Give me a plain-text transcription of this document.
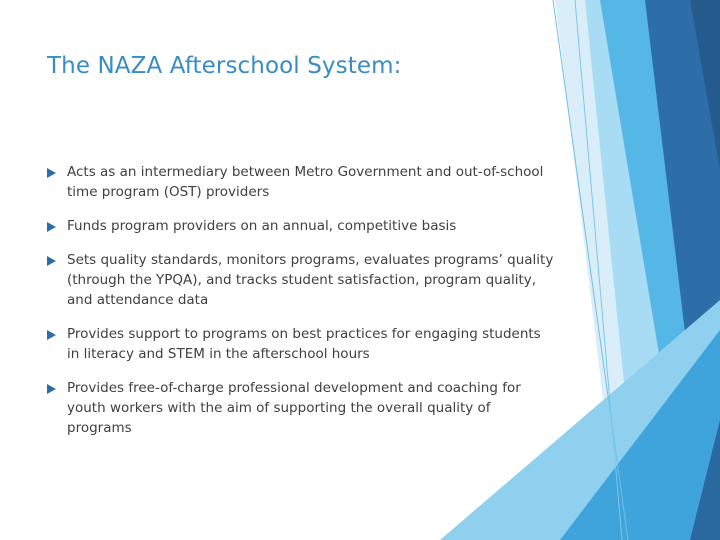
The NAZA Afterschool System:
Acts as an intermediary between Metro Government and out-of-school time program (OST) providers
Funds program providers on an annual, competitive basis
Sets quality standards, monitors programs, evaluates programs’ quality (through the YPQA), and tracks student satisfaction, program quality, and attendance data
Provides support to programs on best practices for engaging students in literacy and STEM in the afterschool hours
Provides free-of-charge professional development and coaching for youth workers with the aim of supporting the overall quality of programs
